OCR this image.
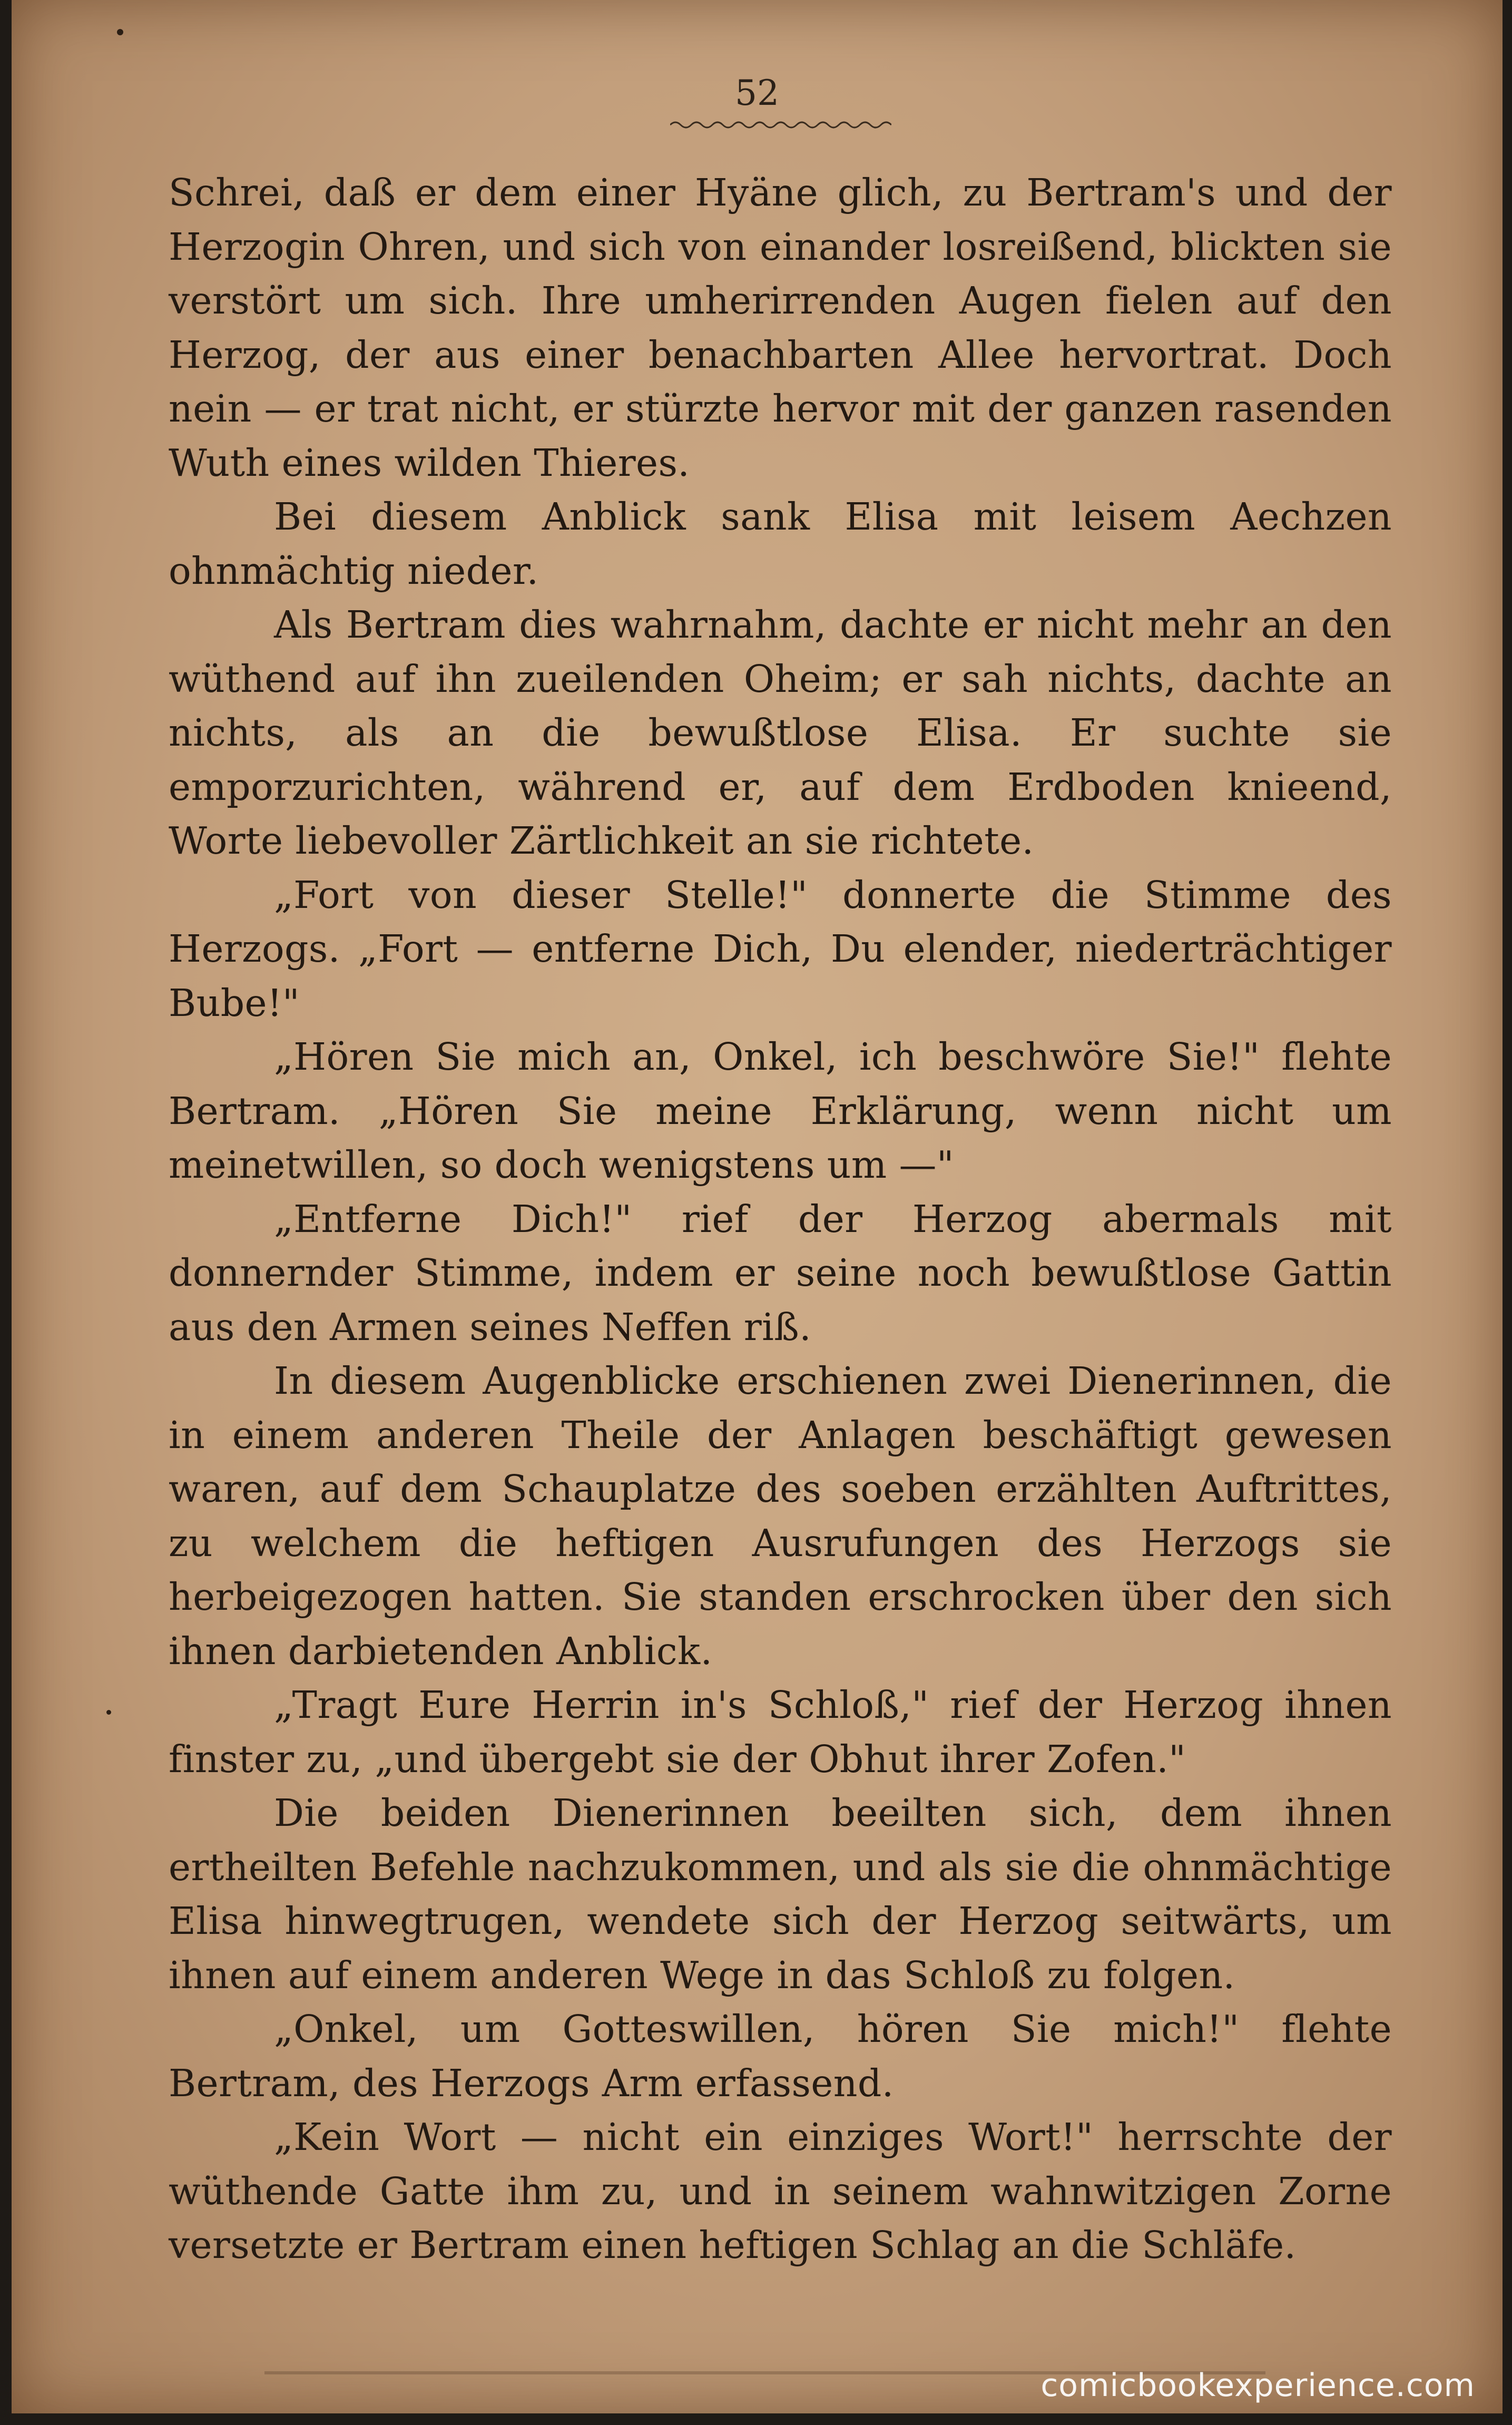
52

Schrei, daß er dem einer Hyäne glich, zu Bertram's und der Herzogin Ohren, und sich von einander losreißend, blickten sie verstört um sich. Ihre umherirrenden Augen fielen auf den Herzog, der aus einer benachbarten Allee hervortrat. Doch nein — er trat nicht, er stürzte hervor mit der ganzen rasenden Wuth eines wilden Thieres.

Bei diesem Anblick sank Elisa mit leisem Aechzen ohnmächtig nieder.

Als Bertram dies wahrnahm, dachte er nicht mehr an den wüthend auf ihn zueilenden Oheim; er sah nichts, dachte an nichts, als an die bewußtlose Elisa. Er suchte sie emporzurichten, während er, auf dem Erdboden knieend, Worte liebevoller Zärtlichkeit an sie richtete.

„Fort von dieser Stelle!" donnerte die Stimme des Herzogs. „Fort — entferne Dich, Du elender, niederträchtiger Bube!"

„Hören Sie mich an, Onkel, ich beschwöre Sie!" flehte Bertram. „Hören Sie meine Erklärung, wenn nicht um meinetwillen, so doch wenigstens um —"

„Entferne Dich!" rief der Herzog abermals mit donnernder Stimme, indem er seine noch bewußtlose Gattin aus den Armen seines Neffen riß.

In diesem Augenblicke erschienen zwei Dienerinnen, die in einem anderen Theile der Anlagen beschäftigt gewesen waren, auf dem Schauplatze des soeben erzählten Auftrittes, zu welchem die heftigen Ausrufungen des Herzogs sie herbeigezogen hatten. Sie standen erschrocken über den sich ihnen darbietenden Anblick.

„Tragt Eure Herrin in's Schloß," rief der Herzog ihnen finster zu, „und übergebt sie der Obhut ihrer Zofen."

Die beiden Dienerinnen beeilten sich, dem ihnen ertheilten Befehle nachzukommen, und als sie die ohnmächtige Elisa hinwegtrugen, wendete sich der Herzog seitwärts, um ihnen auf einem anderen Wege in das Schloß zu folgen.

„Onkel, um Gotteswillen, hören Sie mich!" flehte Bertram, des Herzogs Arm erfassend.

„Kein Wort — nicht ein einziges Wort!" herrschte der wüthende Gatte ihm zu, und in seinem wahnwitzigen Zorne versetzte er Bertram einen heftigen Schlag an die Schläfe.

comicbookexperience.com
